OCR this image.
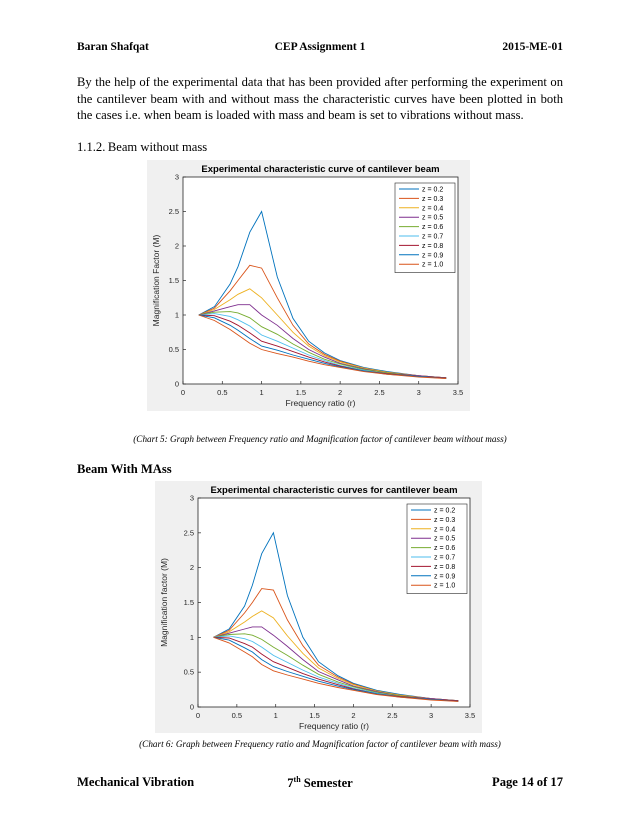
Baran Shafqat	CEP Assignment 1	2015-ME-01

By the help of the experimental data that has been provided after performing the experiment on the cantilever beam with and without mass the characteristic curves have been plotted in both the cases i.e. when beam is loaded with mass and beam is set to vibrations without mass.

1.1.2. Beam without mass
Experimental characteristic curve of cantilever beam
0	0.5	1	1.5	2	2.5	3	3.5
0
0.5
1
1.5
2
2.5
3
Frequency ratio (r)
Magnification Factor (M)
z = 0.2
z = 0.3
z = 0.4
z = 0.5
z = 0.6
z = 0.7
z = 0.8
z = 0.9
z = 1.0
(Chart 5: Graph between Frequency ratio and Magnification factor of cantilever beam without mass)
Beam With MAss
Experimental characteristic curves for cantilever beam
0	0.5	1	1.5	2	2.5	3	3.5
0
0.5
1
1.5
2
2.5
3
Frequency ratio (r)
Magnification factor (M)
z = 0.2
z = 0.3
z = 0.4
z = 0.5
z = 0.6
z = 0.7
z = 0.8
z = 0.9
z = 1.0
(Chart 6: Graph between Frequency ratio and Magnification factor of cantilever beam with mass)
Mechanical Vibration	7th Semester	Page 14 of 17
